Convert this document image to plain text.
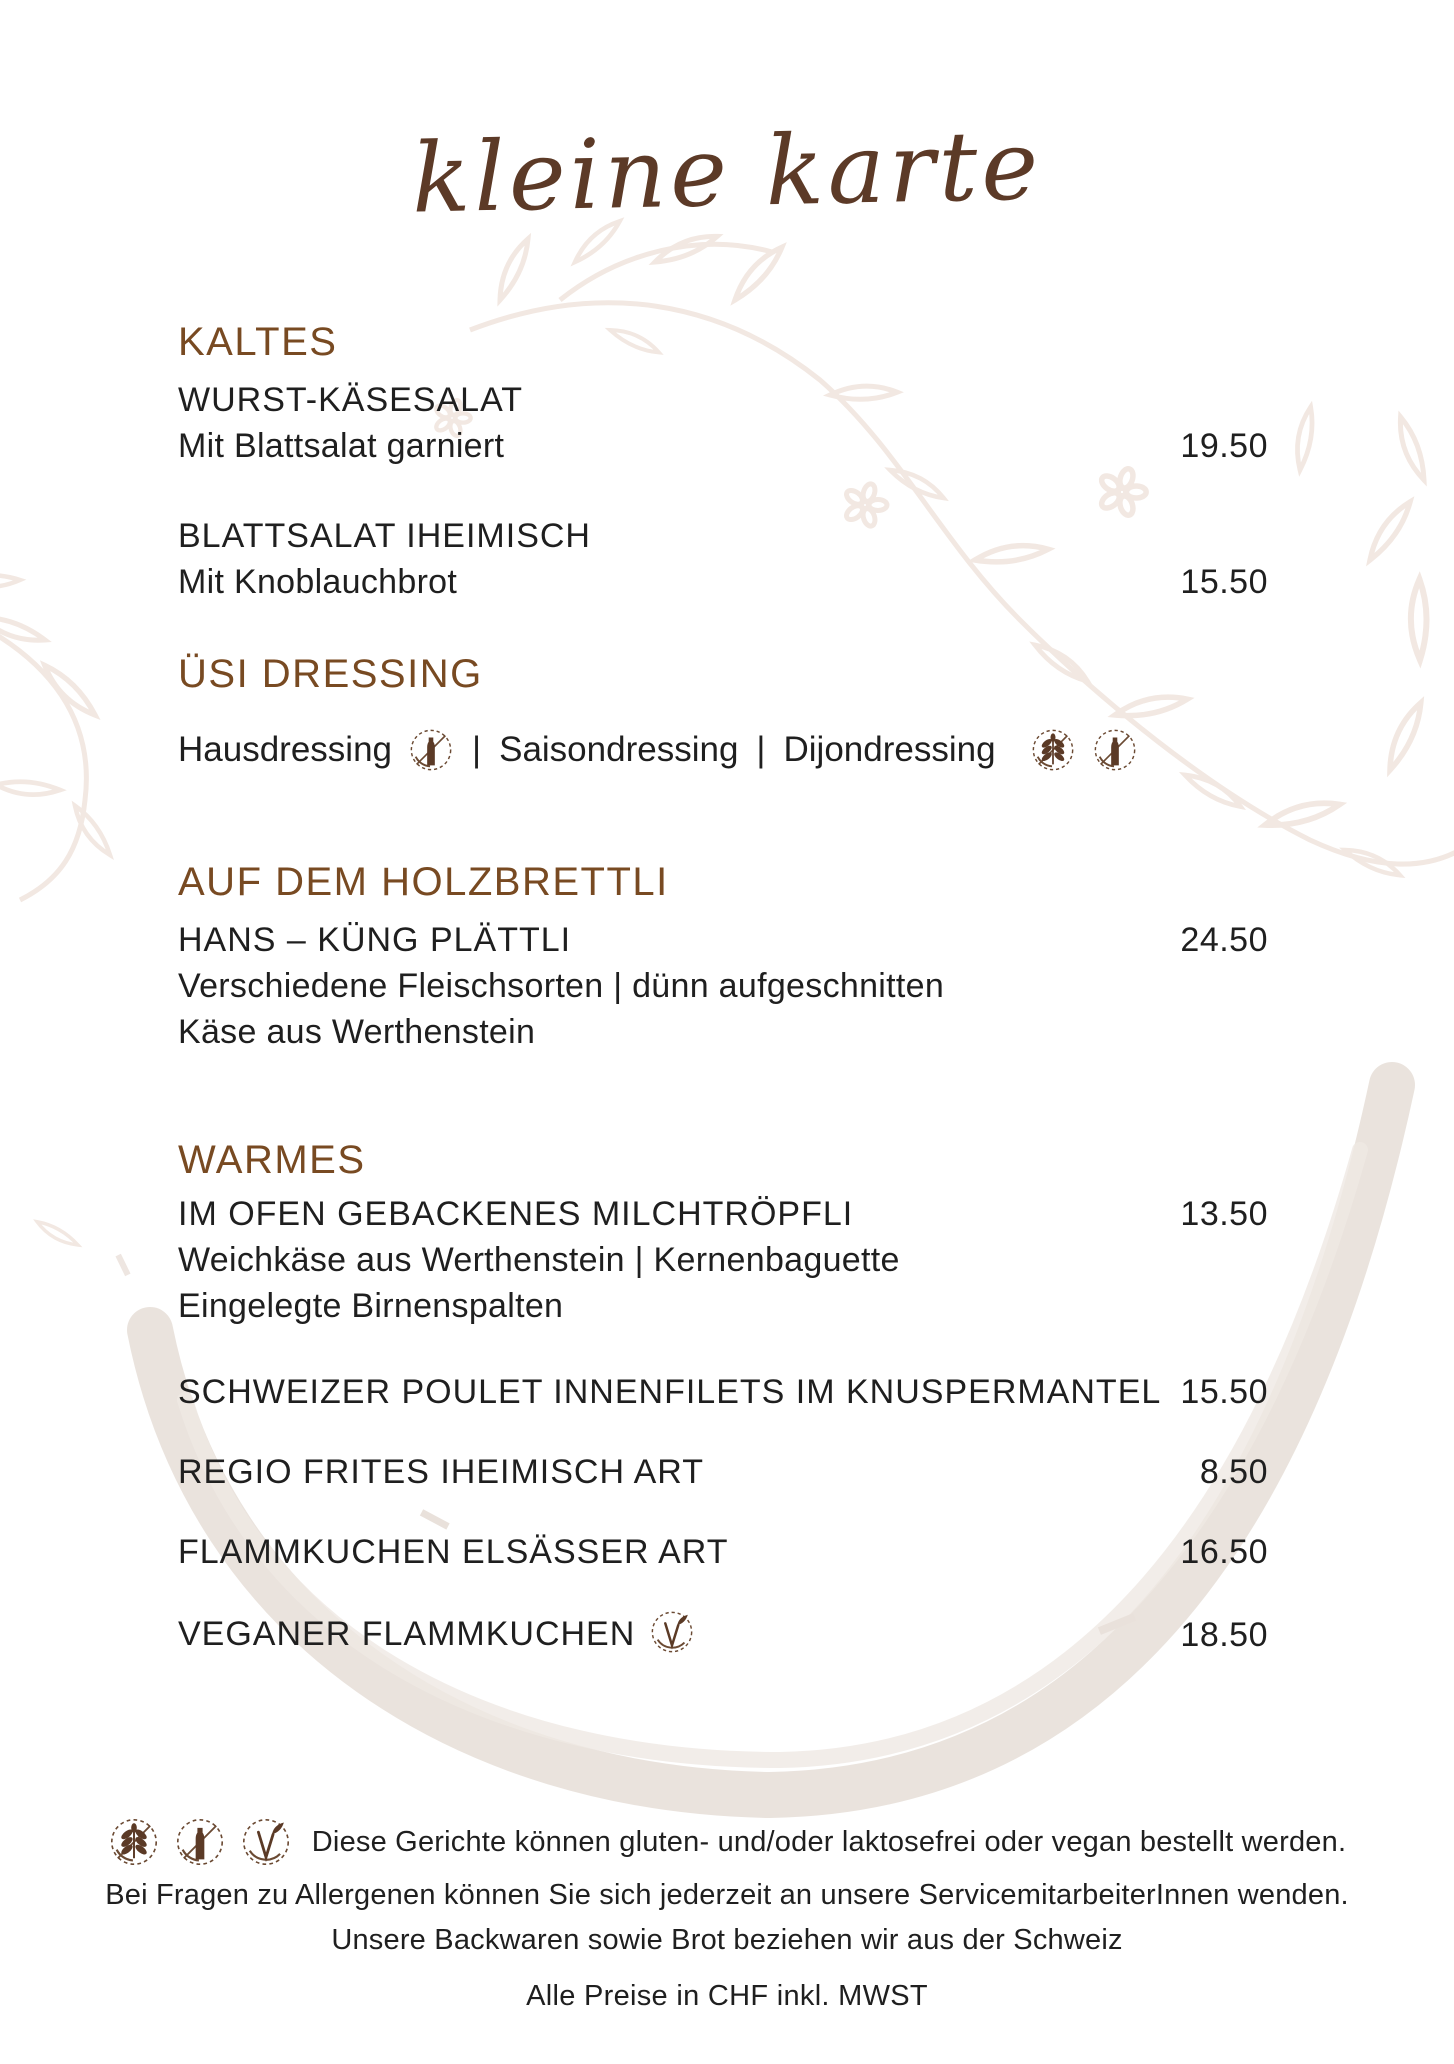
kleine karte
KALTES
WURST-KÄSESALAT
Mit Blattsalat garniert	19.50
BLATTSALAT IHEIMISCH
Mit Knoblauchbrot	15.50
ÜSI DRESSING
Hausdressing | Saisondressing | Dijondressing
AUF DEM HOLZBRETTLI
HANS – KÜNG PLÄTTLI	24.50
Verschiedene Fleischsorten | dünn aufgeschnitten
Käse aus Werthenstein
WARMES
IM OFEN GEBACKENES MILCHTRÖPFLI	13.50
Weichkäse aus Werthenstein | Kernenbaguette
Eingelegte Birnenspalten
SCHWEIZER POULET INNENFILETS IM KNUSPERMANTEL 15.50
REGIO FRITES IHEIMISCH ART	8.50
FLAMMKUCHEN ELSÄSSER ART	16.50
VEGANER FLAMMKUCHEN	18.50
Diese Gerichte können gluten- und/oder laktosefrei oder vegan bestellt werden.
Bei Fragen zu Allergenen können Sie sich jederzeit an unsere ServicemitarbeiterInnen wenden.
Unsere Backwaren sowie Brot beziehen wir aus der Schweiz
Alle Preise in CHF inkl. MWST
